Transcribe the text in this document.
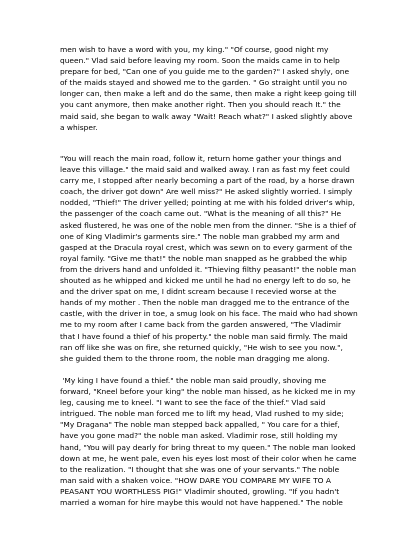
men wish to have a word with you, my king." "Of course, good night my
queen." Vlad said before leaving my room. Soon the maids came in to help
prepare for bed, "Can one of you guide me to the garden?" I asked shyly, one
of the maids stayed and showed me to the garden. " Go straight until you no
longer can, then make a left and do the same, then make a right keep going till
you cant anymore, then make another right. Then you should reach It." the
maid said, she began to walk away "Wait! Reach what?" I asked slightly above
a whisper.

"You will reach the main road, follow it, return home gather your things and
leave this village." the maid said and walked away. I ran as fast my feet could
carry me, I stopped after nearly becoming a part of the road, by a horse drawn
coach, the driver got down" Are well miss?" He asked slightly worried. I simply
nodded, "Thief!" The driver yelled; pointing at me with his folded driver's whip,
the passenger of the coach came out. "What is the meaning of all this?" He
asked flustered, he was one of the noble men from the dinner. "She is a thief of
one of King Vladimir's garments sire." The noble man grabbed my arm and
gasped at the Dracula royal crest, which was sewn on to every garment of the
royal family. "Give me that!" the noble man snapped as he grabbed the whip
from the drivers hand and unfolded it. "Thieving filthy peasant!" the noble man
shouted as he whipped and kicked me until he had no energy left to do so, he
and the driver spat on me, I didnt scream because I recevied worse at the
hands of my mother . Then the noble man dragged me to the entrance of the
castle, with the driver in toe, a smug look on his face. The maid who had shown
me to my room after I came back from the garden answered, "The Vladimir
that I have found a thief of his property." the noble man said firmly. The maid
ran off like she was on fire, she returned quickly, "He wish to see you now.",
she guided them to the throne room, the noble man dragging me along.

'My king I have found a thief." the noble man said proudly, shoving me
forward, "Kneel before your king" the noble man hissed, as he kicked me in my
leg, causing me to kneel. "I want to see the face of the thief." Vlad said
intrigued. The noble man forced me to lift my head, Vlad rushed to my side;
"My Dragana" The noble man stepped back appalled, " You care for a thief,
have you gone mad?" the noble man asked. Vladimir rose, still holding my
hand, "You will pay dearly for bring threat to my queen." The noble man looked
down at me, he went pale, even his eyes lost most of their color when he came
to the realization. "I thought that she was one of your servants." The noble
man said with a shaken voice. "HOW DARE YOU COMPARE MY WIFE TO A
PEASANT YOU WORTHLESS PIG!" Vladimir shouted, growling. "If you hadn't
married a woman for hire maybe this would not have happened." The noble
